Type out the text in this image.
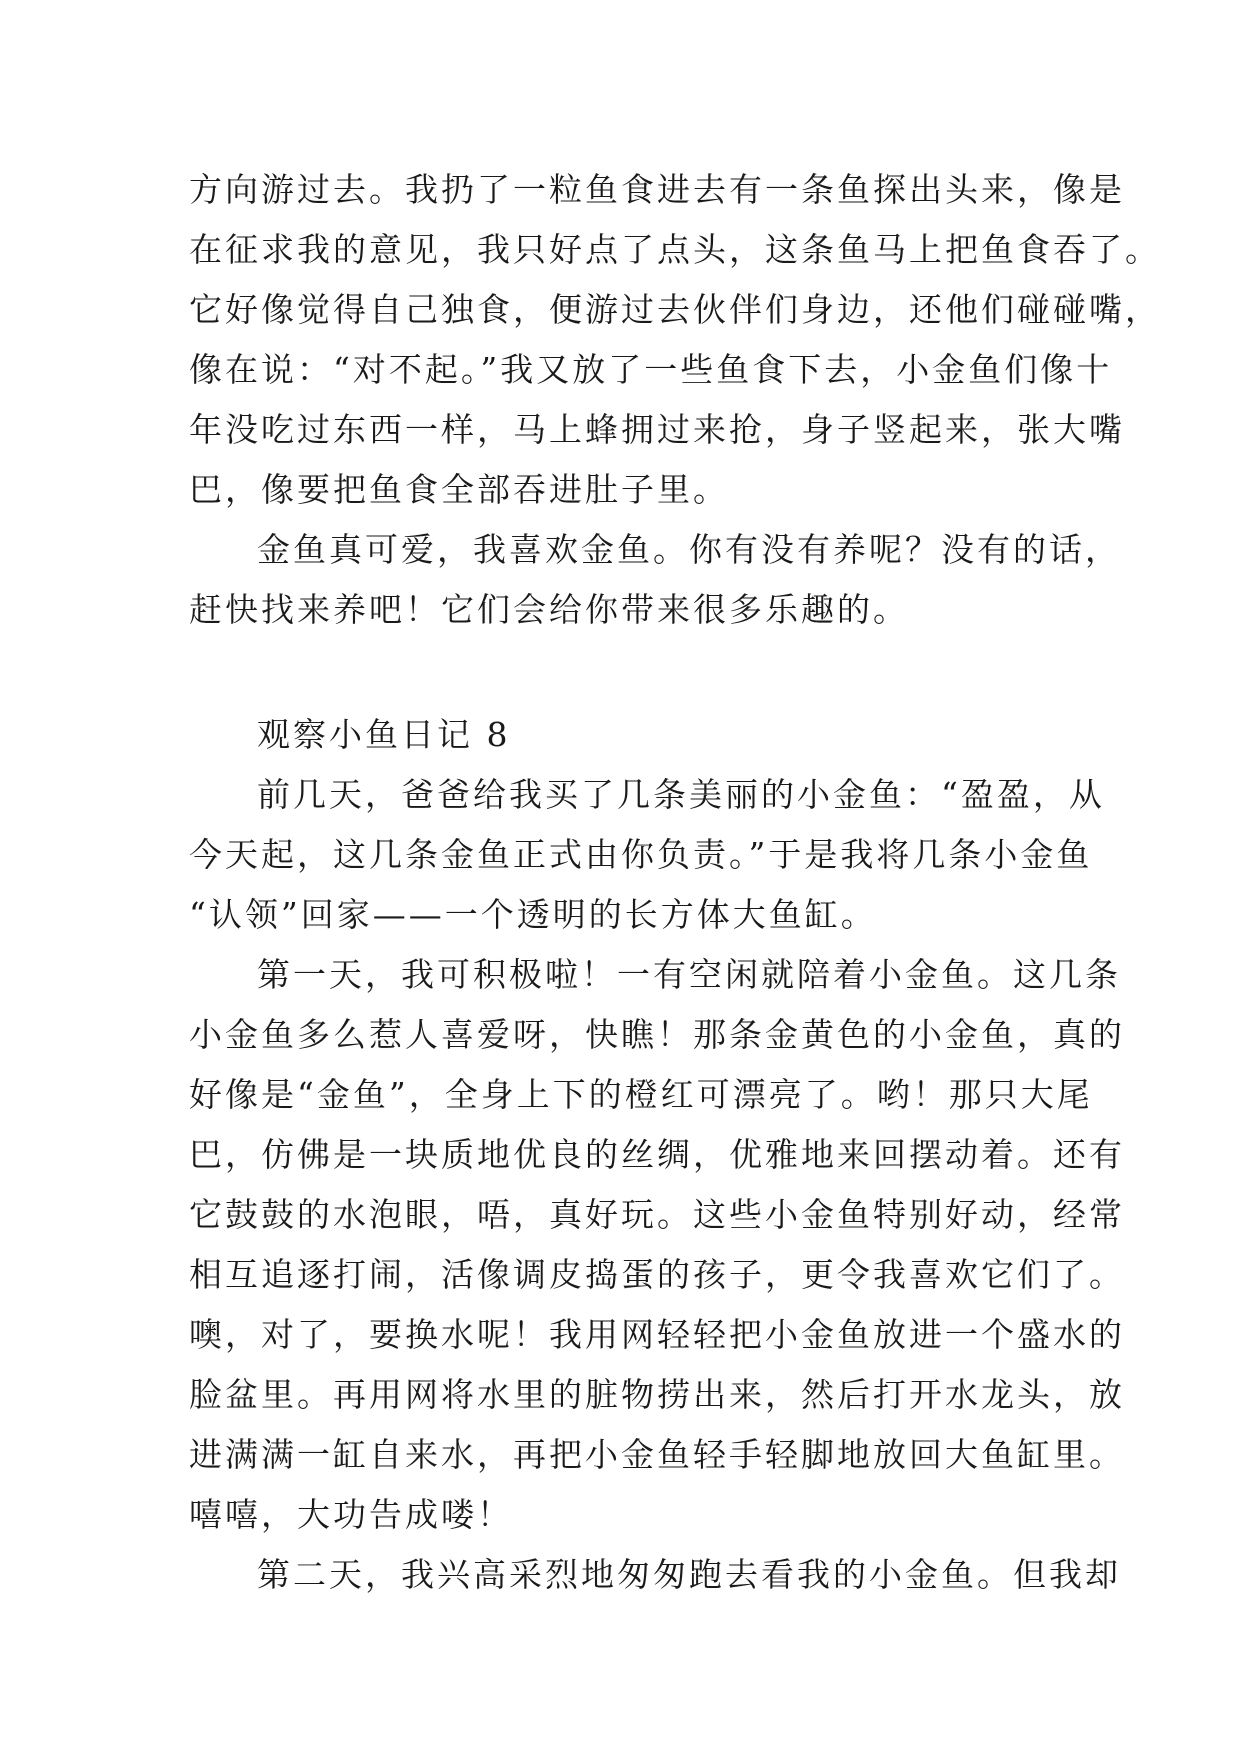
方向游过去。我扔了一粒鱼食进去有一条鱼探出头来，像是

在征求我的意见，我只好点了点头，这条鱼马上把鱼食吞了。

它好像觉得自己独食，便游过去伙伴们身边，还他们碰碰嘴，

像在说：“对不起。”我又放了一些鱼食下去，小金鱼们像十

年没吃过东西一样，马上蜂拥过来抢，身子竖起来，张大嘴

巴，像要把鱼食全部吞进肚子里。

金鱼真可爱，我喜欢金鱼。你有没有养呢？没有的话，

赶快找来养吧！它们会给你带来很多乐趣的。

观察小鱼日记 8

前几天，爸爸给我买了几条美丽的小金鱼：“盈盈，从

今天起，这几条金鱼正式由你负责。”于是我将几条小金鱼

“认领”回家——一个透明的长方体大鱼缸。

第一天，我可积极啦！一有空闲就陪着小金鱼。这几条

小金鱼多么惹人喜爱呀，快瞧！那条金黄色的小金鱼，真的

好像是“金鱼”，全身上下的橙红可漂亮了。哟！那只大尾

巴，仿佛是一块质地优良的丝绸，优雅地来回摆动着。还有

它鼓鼓的水泡眼，唔，真好玩。这些小金鱼特别好动，经常

相互追逐打闹，活像调皮捣蛋的孩子，更令我喜欢它们了。

噢，对了，要换水呢！我用网轻轻把小金鱼放进一个盛水的

脸盆里。再用网将水里的脏物捞出来，然后打开水龙头，放

进满满一缸自来水，再把小金鱼轻手轻脚地放回大鱼缸里。

嘻嘻，大功告成喽！

第二天，我兴高采烈地匆匆跑去看我的小金鱼。但我却
